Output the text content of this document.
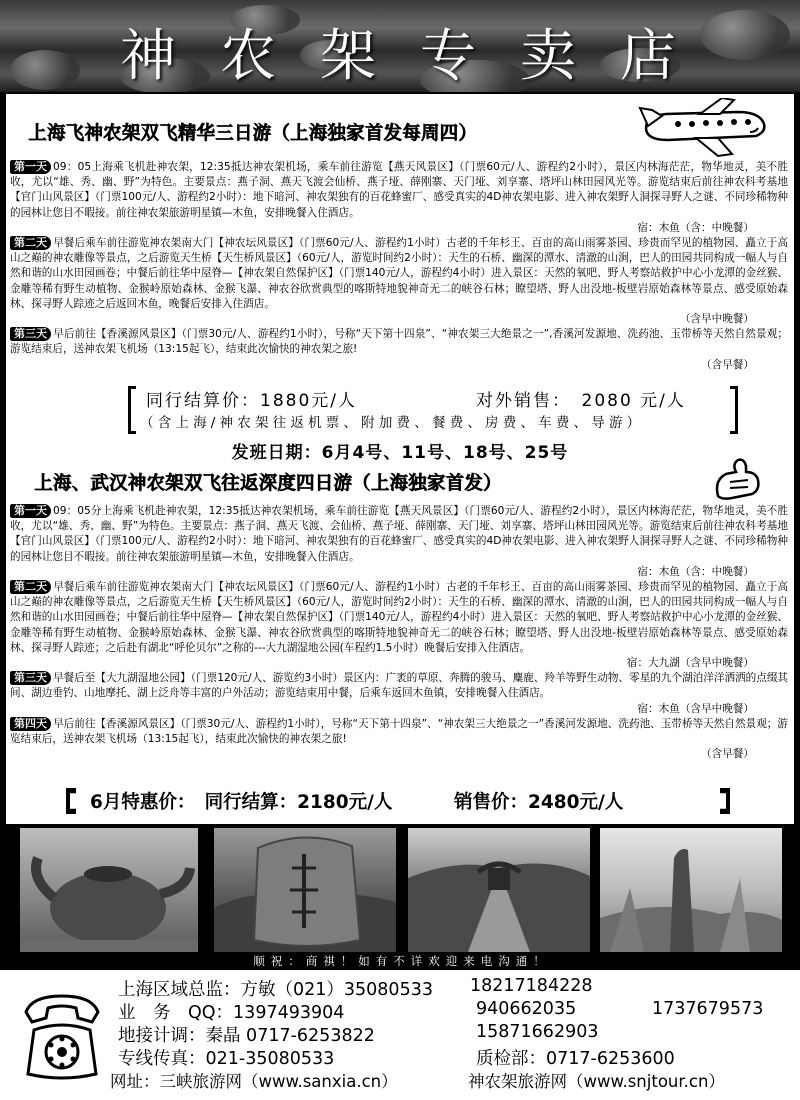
神农架专卖店
上海飞神农架双飞精华三日游（上海独家首发每周四）
第一天 09：05上海乘飞机赴神农架，12:35抵达神农架机场，乘车前往游览【燕天风景区】（门票60元/人、游程约2小时），景区内林海茫茫，物华地灵，美不胜收，尤以“雄、秀、幽、野”为特色。主要景点：燕子洞、燕天飞渡会仙桥、燕子垭、薛刚寨、天门垭、刘享寨、塔坪山林田园风光等。游览结束后前往神农科考基地【官门山风景区】（门票100元/人、游程约2小时）：地下暗河、神农架独有的百花蜂蜜厂、感受真实的4D神农架电影、进入神农架野人洞探寻野人之谜、不同珍稀物种的园林让您目不暇接。前往神农架旅游明星镇—木鱼，安排晚餐入住酒店。
宿：木鱼（含：中晚餐）
第二天 早餐后乘车前往游览神农架南大门【神农坛风景区】（门票60元/人、游程约1小时）古老的千年杉王、百亩的高山雨雾茶园、珍贵而罕见的植物园、矗立于高山之巅的神农雕像等景点，之后游览天生桥【天生桥风景区】（60元/人，游览时间约2小时）：天生的石桥、幽深的潭水、清澈的山涧，巴人的田园共同构成一幅人与自然和谐的山水田园画卷；中餐后前往华中屋脊—【神农架自然保护区】（门票140元/人，游程约4小时）进入景区：天然的氧吧、野人考察站救护中心小龙潭的金丝猴、金雕等稀有野生动植物、金猴岭原始森林、金猴飞瀑、神农谷欣赏典型的喀斯特地貌神奇无二的峡谷石林；瞭望塔、野人出没地-板壁岩原始森林等景点、感受原始森林、探寻野人踪迹之后返回木鱼，晚餐后安排入住酒店。
（含早中晚餐）
第三天 早后前往【香溪源风景区】（门票30元/人、游程约1小时），号称“天下第十四泉”、“神农架三大绝景之一”,香溪河发源地、洗药池、玉带桥等天然自然景观；游览结束后，送神农架飞机场（13:15起飞），结束此次愉快的神农架之旅!
（含早餐）
同行结算价：1880元/人	对外销售：　2080 元/人
（含上海/神农架往返机票、附加费、餐费、房费、车费、导游）
发班日期：6月4号、11号、18号、25号
上海、武汉神农架双飞往返深度四日游（上海独家首发）
第一天 09：05分上海乘飞机赴神农架，12:35抵达神农架机场，乘车前往游览【燕天风景区】（门票60元/人、游程约2小时），景区内林海茫茫，物华地灵，美不胜收，尤以“雄、秀、幽、野”为特色。主要景点：燕子洞、燕天飞渡、会仙桥、燕子垭、薛刚寨、天门垭、刘享寨、塔坪山林田园风光等。游览结束后前往神农科考基地【官门山风景区】（门票100元/人、游程约2小时）：地下暗河、神农架独有的百花蜂蜜厂、感受真实的4D神农架电影、进入神农架野人洞探寻野人之谜、不同珍稀物种的园林让您目不暇接。前往神农架旅游明星镇—木鱼，安排晚餐入住酒店。
宿：木鱼（含：中晚餐）
第二天 早餐后乘车前往游览神农架南大门【神农坛风景区】（门票60元/人、游程约1小时）古老的千年杉王、百亩的高山雨雾茶园、珍贵而罕见的植物园、矗立于高山之巅的神农雕像等景点，之后游览天生桥【天生桥风景区】（60元/人，游览时间约2小时）：天生的石桥、幽深的潭水、清澈的山涧，巴人的田园共同构成一幅人与自然和谐的山水田园画卷；中餐后前往华中屋脊—【神农架自然保护区】（门票140元/人，游程约4小时）进入景区：天然的氧吧、野人考察站救护中心小龙潭的金丝猴、金雕等稀有野生动植物、金猴岭原始森林、金猴飞瀑、神农谷欣赏典型的喀斯特地貌神奇无二的峡谷石林；瞭望塔、野人出没地-板壁岩原始森林等景点、感受原始森林、探寻野人踪迹；之后赴有湖北“呼伦贝尔”之称的---大九湖湿地公园(车程约1.5小时）晚餐后安排入住酒店。
宿：大九湖（含早中晚餐）
第三天 早餐后至【大九湖湿地公园】（门票120元/人、游览约3小时）景区内：广袤的草原、奔腾的骏马、麋鹿、羚羊等野生动物、零星的九个湖泊洋洋洒洒的点缀其间、湖边垂钓、山地摩托、湖上泛舟等丰富的户外活动；游览结束用中餐，后乘车返回木鱼镇，安排晚餐入住酒店。
宿：木鱼（含早中晚餐）
第四天 早后前往【香溪源风景区】（门票30元/人、游程约1小时），号称“天下第十四泉”、“神农架三大绝景之一”香溪河发源地、洗药池、玉带桥等天然自然景观；游览结束后，送神农架飞机场（13:15起飞），结束此次愉快的神农架之旅!
（含早餐）
6月特惠价：　同行结算：2180元/人	销售价：2480元/人
顺祝：商祺！如有不详欢迎来电沟通！
上海区域总监：方敏（021）35080533 18217184228
业　务　QQ：1397493904	940662035	1737679573
地接计调：秦晶 0717-6253822	15871662903
专线传真：021-35080533	质检部：0717-6253600
网址：三峡旅游网（www.sanxia.cn）	神农架旅游网（www.snjtour.cn）
